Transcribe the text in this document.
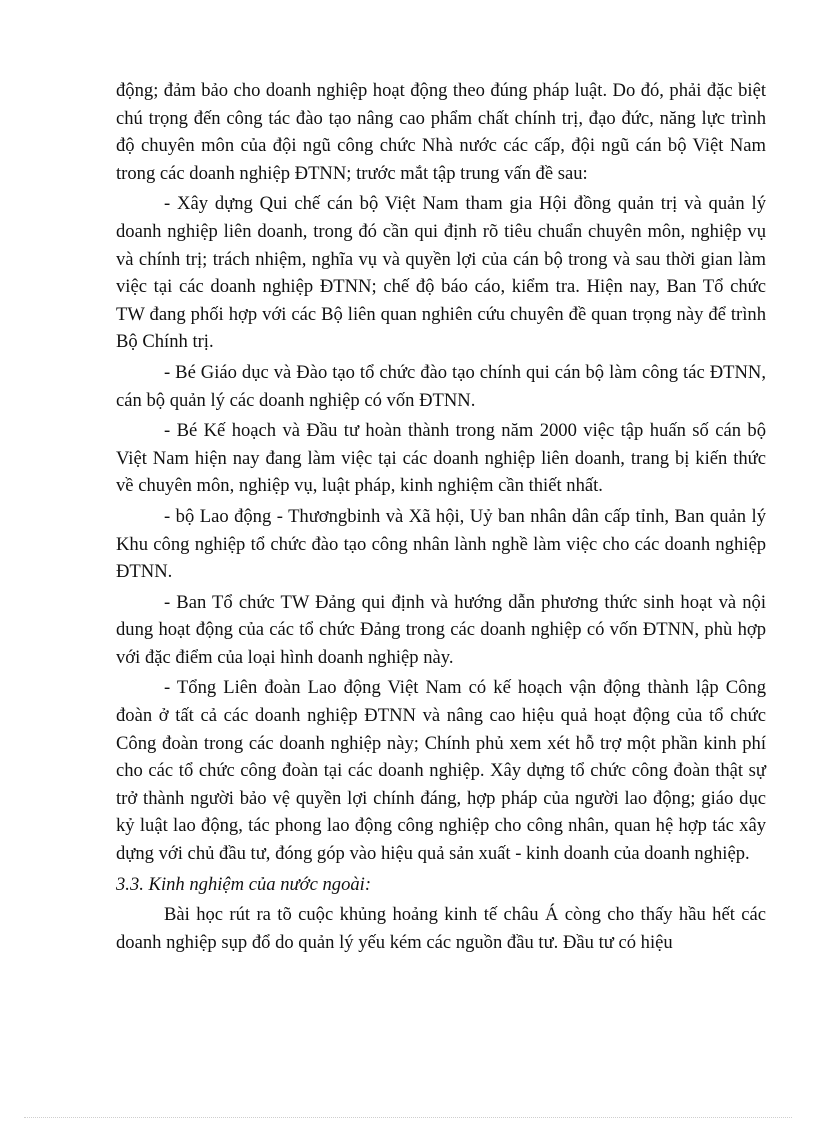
động; đảm bảo cho doanh nghiệp hoạt động theo đúng pháp luật. Do đó, phải đặc biệt chú trọng đến công tác đào tạo nâng cao phẩm chất chính trị, đạo đức, năng lực trình độ chuyên môn của đội ngũ công chức Nhà nước các cấp, đội ngũ cán bộ Việt Nam trong các doanh nghiệp ĐTNN; trước mắt tập trung vấn đề sau:

- Xây dựng Qui chế cán bộ Việt Nam tham gia Hội đồng quản trị và quản lý doanh nghiệp liên doanh, trong đó cần qui định rõ tiêu chuẩn chuyên môn, nghiệp vụ và chính trị; trách nhiệm, nghĩa vụ và quyền lợi của cán bộ trong và sau thời gian làm việc tại các doanh nghiệp ĐTNN; chế độ báo cáo, kiểm tra. Hiện nay, Ban Tổ chức TW đang phối hợp với các Bộ liên quan nghiên cứu chuyên đề quan trọng này để trình Bộ Chính trị.

- Bé Giáo dục và Đào tạo tổ chức đào tạo chính qui cán bộ làm công tác ĐTNN, cán bộ quản lý các doanh nghiệp có vốn ĐTNN.

- Bé Kế hoạch và Đầu tư hoàn thành trong năm 2000 việc tập huấn số cán bộ Việt Nam hiện nay đang làm việc tại các doanh nghiệp liên doanh, trang bị kiến thức về chuyên môn, nghiệp vụ, luật pháp, kinh nghiệm cần thiết nhất.

- bộ Lao động - Thươngbinh và Xã hội, Uỷ ban nhân dân cấp tỉnh, Ban quản lý Khu công nghiệp tổ chức đào tạo công nhân lành nghề làm việc cho các doanh nghiệp ĐTNN.

- Ban Tổ chức TW Đảng qui định và hướng dẫn phương thức sinh hoạt và nội dung hoạt động của các tổ chức Đảng trong các doanh nghiệp có vốn ĐTNN, phù hợp với đặc điểm của loại hình doanh nghiệp này.

- Tổng Liên đoàn Lao động Việt Nam có kế hoạch vận động thành lập Công đoàn ở tất cả các doanh nghiệp ĐTNN và nâng cao hiệu quả hoạt động của tổ chức Công đoàn trong các doanh nghiệp này; Chính phủ xem xét hỗ trợ một phần kinh phí cho các tổ chức công đoàn tại các doanh nghiệp. Xây dựng tổ chức công đoàn thật sự trở thành người bảo vệ quyền lợi chính đáng, hợp pháp của người lao động; giáo dục kỷ luật lao động, tác phong lao động công nghiệp cho công nhân, quan hệ hợp tác xây dựng với chủ đầu tư, đóng góp vào hiệu quả sản xuất - kinh doanh của doanh nghiệp.

3.3. Kinh nghiệm của nước ngoài:

Bài học rút ra tõ cuộc khủng hoảng kinh tế châu Á còng cho thấy hầu hết các doanh nghiệp sụp đổ do quản lý yếu kém các nguồn đầu tư. Đầu tư có hiệu
